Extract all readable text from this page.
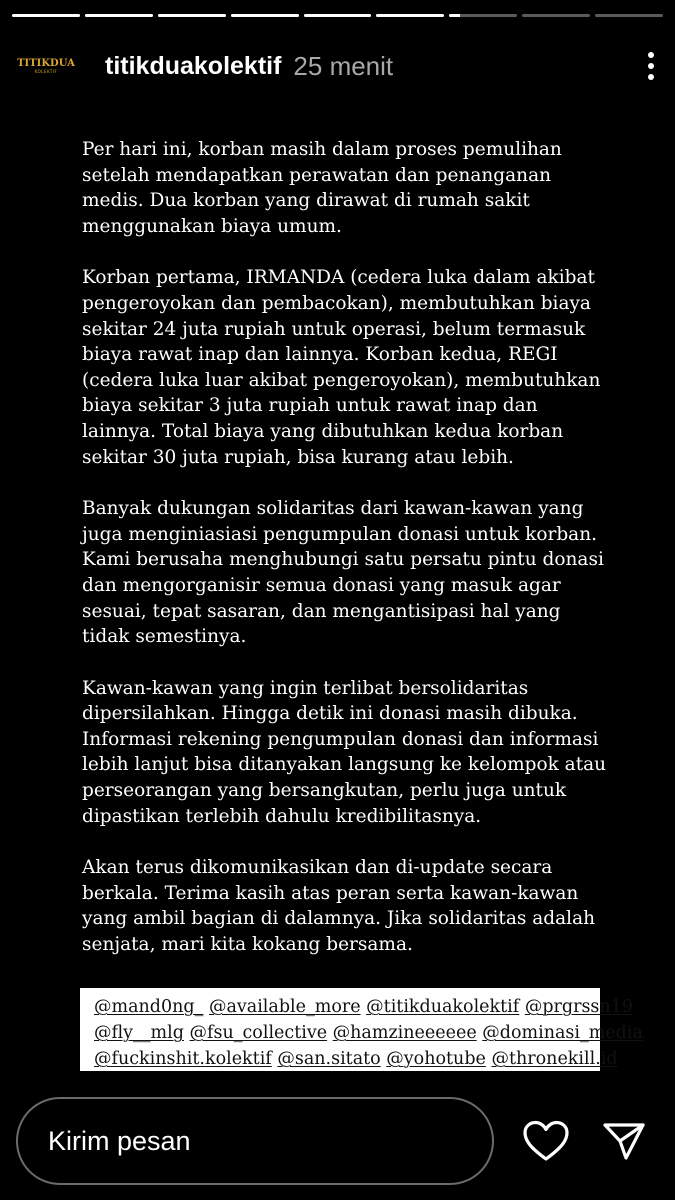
TITIKDUA
KOLEKTIF titikduakolektif 25 menit

Per hari ini, korban masih dalam proses pemulihan
setelah mendapatkan perawatan dan penanganan
medis. Dua korban yang dirawat di rumah sakit
menggunakan biaya umum.

Korban pertama, IRMANDA (cedera luka dalam akibat
pengeroyokan dan pembacokan), membutuhkan biaya
sekitar 24 juta rupiah untuk operasi, belum termasuk
biaya rawat inap dan lainnya. Korban kedua, REGI
(cedera luka luar akibat pengeroyokan), membutuhkan
biaya sekitar 3 juta rupiah untuk rawat inap dan
lainnya. Total biaya yang dibutuhkan kedua korban
sekitar 30 juta rupiah, bisa kurang atau lebih.

Banyak dukungan solidaritas dari kawan-kawan yang
juga menginiasiasi pengumpulan donasi untuk korban.
Kami berusaha menghubungi satu persatu pintu donasi
dan mengorganisir semua donasi yang masuk agar
sesuai, tepat sasaran, dan mengantisipasi hal yang
tidak semestinya.

Kawan-kawan yang ingin terlibat bersolidaritas
dipersilahkan. Hingga detik ini donasi masih dibuka.
Informasi rekening pengumpulan donasi dan informasi
lebih lanjut bisa ditanyakan langsung ke kelompok atau
perseorangan yang bersangkutan, perlu juga untuk
dipastikan terlebih dahulu kredibilitasnya.

Akan terus dikomunikasikan dan di-update secara
berkala. Terima kasih atas peran serta kawan-kawan
yang ambil bagian di dalamnya. Jika solidaritas adalah
senjata, mari kita kokang bersama.

@mand0ng_ @available_more @titikduakolektif @prgrssn19
@fly__mlg @fsu_collective @hamzineeeeee @dominasi_media
@fuckinshit.kolektif @san.sitato @yohotube @thronekill.id
Kirim pesan
